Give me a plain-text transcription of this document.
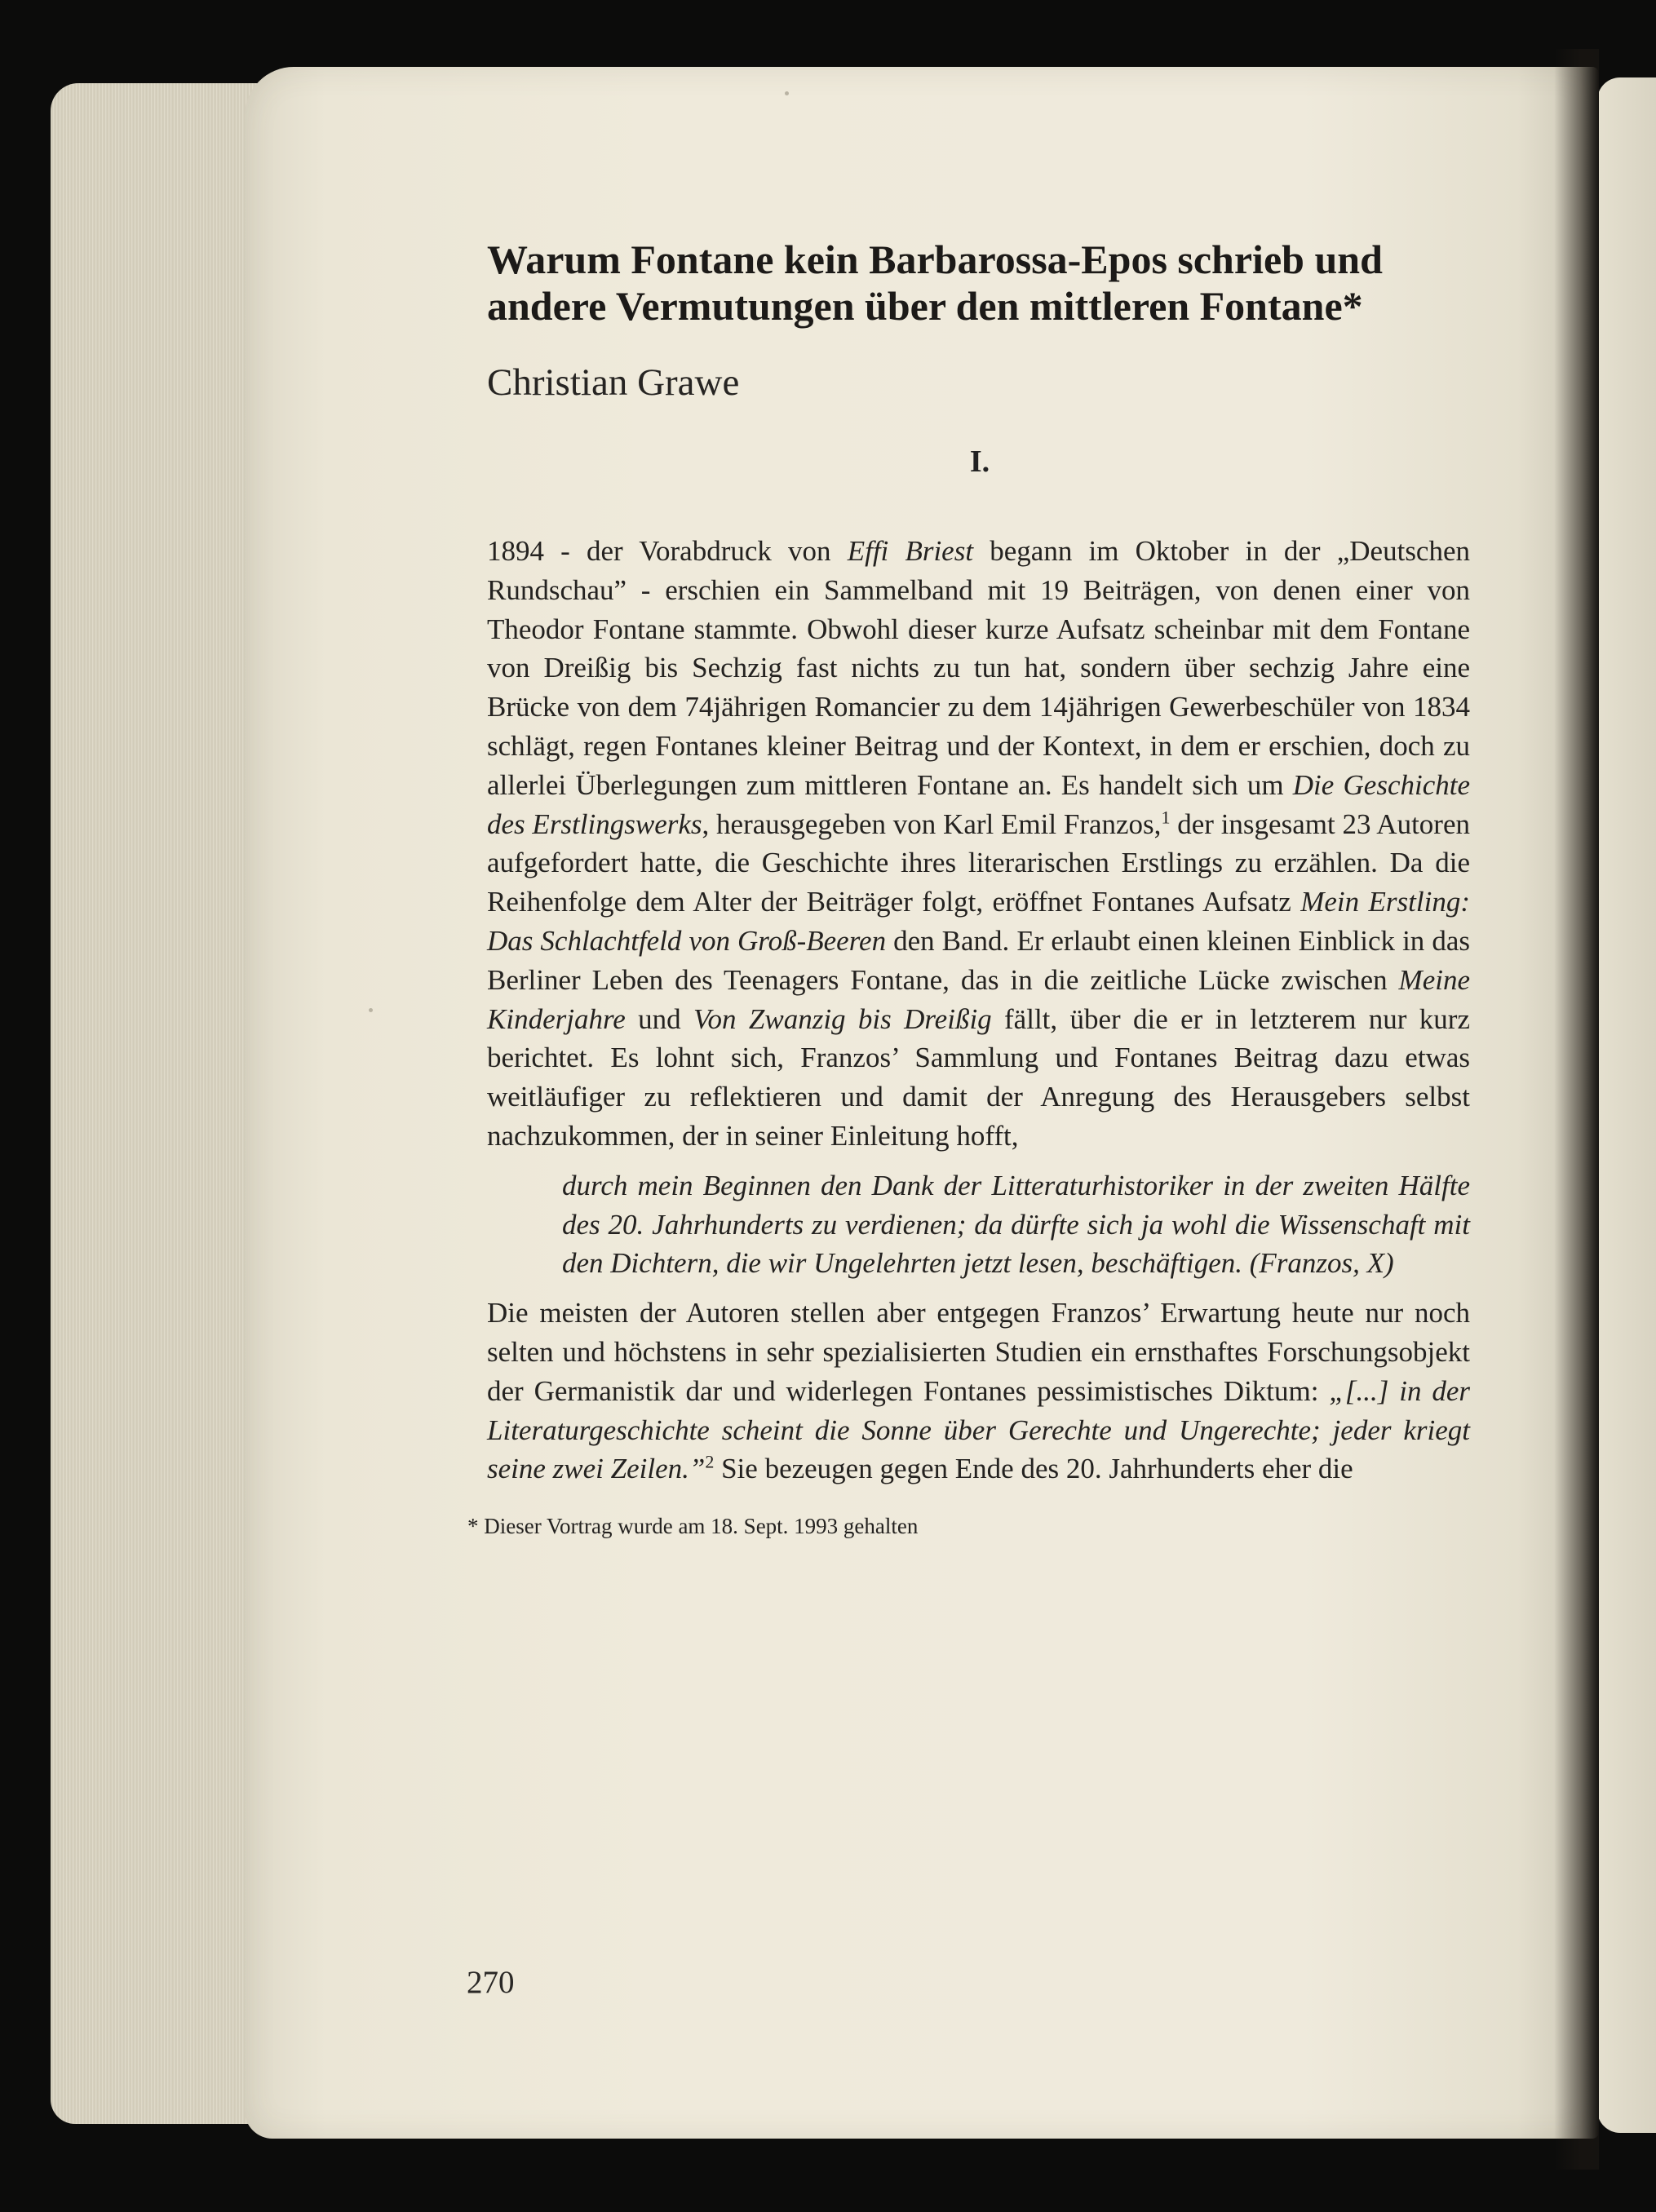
Warum Fontane kein Barbarossa-Epos schrieb und andere Vermutungen über den mittleren Fontane*
Christian Grawe
I.

1894 - der Vorabdruck von Effi Briest begann im Oktober in der „Deutschen Rundschau” - erschien ein Sammelband mit 19 Beiträgen, von denen einer von Theodor Fontane stammte. Obwohl dieser kurze Aufsatz scheinbar mit dem Fontane von Dreißig bis Sechzig fast nichts zu tun hat, sondern über sechzig Jahre eine Brücke von dem 74jährigen Romancier zu dem 14jährigen Gewerbeschüler von 1834 schlägt, regen Fontanes kleiner Beitrag und der Kontext, in dem er erschien, doch zu allerlei Überlegungen zum mittleren Fontane an. Es handelt sich um Die Geschichte des Erstlingswerks, herausgegeben von Karl Emil Franzos,$^1$ der insgesamt 23 Autoren aufgefordert hatte, die Geschichte ihres literarischen Erstlings zu erzählen. Da die Reihenfolge dem Alter der Beiträger folgt, eröffnet Fontanes Aufsatz Mein Erstling: Das Schlachtfeld von Groß-Beeren den Band. Er erlaubt einen kleinen Einblick in das Berliner Leben des Teenagers Fontane, das in die zeitliche Lücke zwischen Meine Kinderjahre und Von Zwanzig bis Dreißig fällt, über die er in letzterem nur kurz berichtet. Es lohnt sich, Franzos’ Sammlung und Fontanes Beitrag dazu etwas weitläufiger zu reflektieren und damit der Anregung des Herausgebers selbst nachzukommen, der in seiner Einleitung hofft,

durch mein Beginnen den Dank der Litteraturhistoriker in der zweiten Hälfte des 20. Jahrhunderts zu verdienen; da dürfte sich ja wohl die Wissenschaft mit den Dichtern, die wir Ungelehrten jetzt lesen, beschäftigen. (Franzos, X)

Die meisten der Autoren stellen aber entgegen Franzos’ Erwartung heute nur noch selten und höchstens in sehr spezialisierten Studien ein ernsthaftes Forschungsobjekt der Germanistik dar und widerlegen Fontanes pessimistisches Diktum: „[...] in der Literaturgeschichte scheint die Sonne über Gerechte und Ungerechte; jeder kriegt seine zwei Zeilen.”$^2$ Sie bezeugen gegen Ende des 20. Jahrhunderts eher die

* Dieser Vortrag wurde am 18. Sept. 1993 gehalten
270
